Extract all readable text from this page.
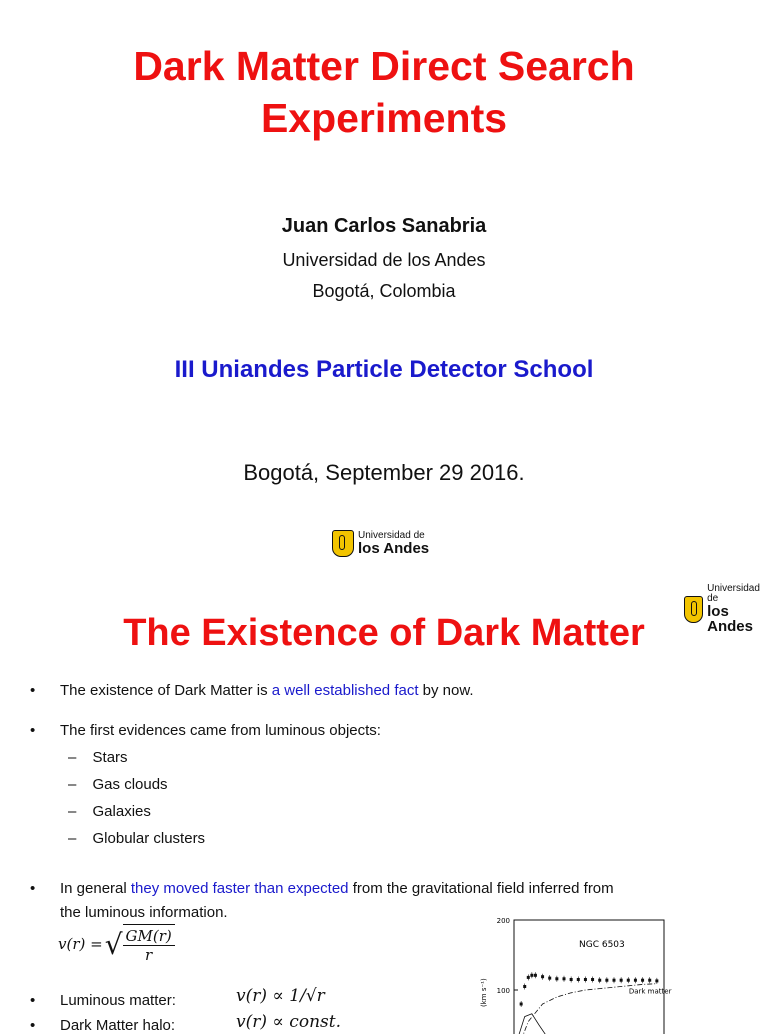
Dark Matter Direct Search
Experiments
Juan Carlos Sanabria
Universidad de los Andes
Bogotá, Colombia
III Uniandes Particle Detector School
Bogotá, September 29 2016.
Universidad de
los Andes
Universidad de
los Andes
The Existence of Dark Matter
• The existence of Dark Matter is a well established fact by now.
• The first evidences came from luminous objects:
– Stars
– Gas clouds
– Galaxies
– Globular clusters
• In general they moved faster than expected from the gravitational field inferred from
the luminous information.
v(r) = √ $\frac{GM(r)}{r}$
• Luminous matter:	v(r) ∝ 1/√r
• Dark Matter halo:	v(r) ∝ const.
NGC 6503
(km s⁻¹) 100
200
Dark matter
